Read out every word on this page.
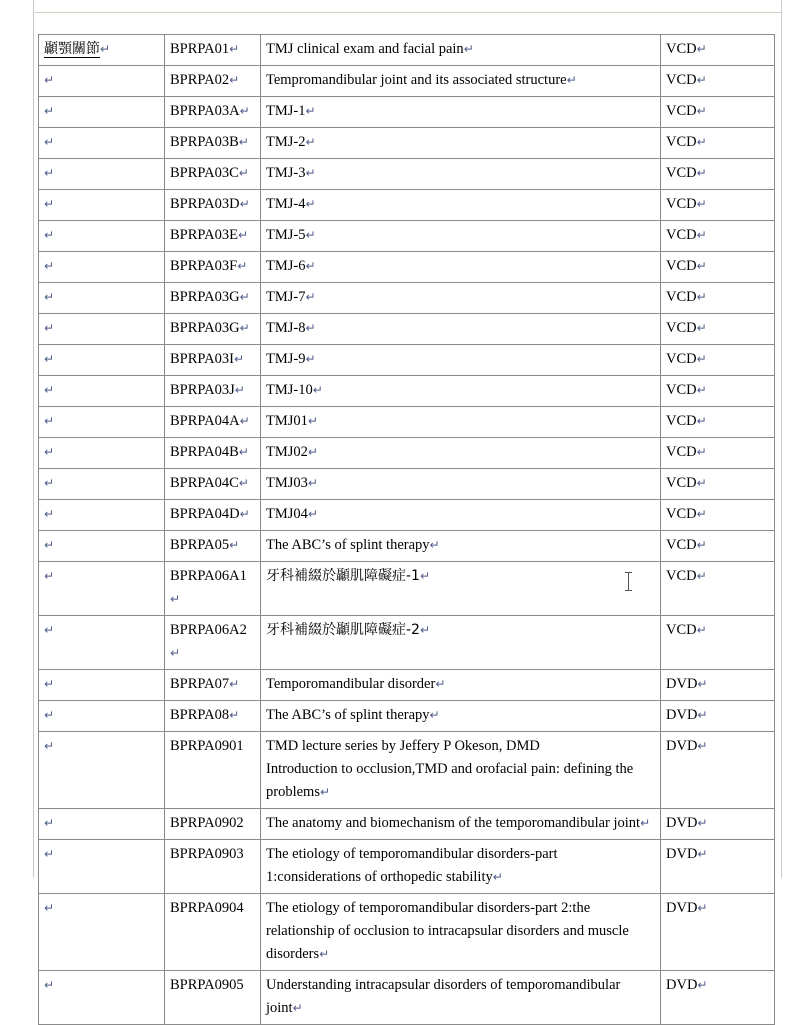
顳顎關節↵	BPRPA01↵	TMJ clinical exam and facial pain↵	VCD↵
↵	BPRPA02↵	Tempromandibular joint and its associated structure↵	VCD↵
↵	BPRPA03A↵	TMJ-1↵	VCD↵
↵	BPRPA03B↵	TMJ-2↵	VCD↵
↵	BPRPA03C↵	TMJ-3↵	VCD↵
↵	BPRPA03D↵	TMJ-4↵	VCD↵
↵	BPRPA03E↵	TMJ-5↵	VCD↵
↵	BPRPA03F↵	TMJ-6↵	VCD↵
↵	BPRPA03G↵	TMJ-7↵	VCD↵
↵	BPRPA03G↵	TMJ-8↵	VCD↵
↵	BPRPA03I↵	TMJ-9↵	VCD↵
↵	BPRPA03J↵	TMJ-10↵	VCD↵
↵	BPRPA04A↵	TMJ01↵	VCD↵
↵	BPRPA04B↵	TMJ02↵	VCD↵
↵	BPRPA04C↵	TMJ03↵	VCD↵
↵	BPRPA04D↵	TMJ04↵	VCD↵
↵	BPRPA05↵	The ABC’s of splint therapy↵	VCD↵
↵	BPRPA06A1↵	牙科補綴於顳肌障礙症-1↵	VCD↵
↵	BPRPA06A2↵	牙科補綴於顳肌障礙症-2↵	VCD↵
↵	BPRPA07↵	Temporomandibular disorder↵	DVD↵
↵	BPRPA08↵	The ABC’s of splint therapy↵	DVD↵
↵	BPRPA0901	TMD lecture series by Jeffery P Okeson, DMD
Introduction to occlusion,TMD and orofacial pain: defining the problems↵	DVD↵
↵	BPRPA0902	The anatomy and biomechanism of the temporomandibular joint↵	DVD↵
↵	BPRPA0903	The etiology of temporomandibular disorders-part 1:considerations of orthopedic stability↵	DVD↵
↵	BPRPA0904	The etiology of temporomandibular disorders-part 2:the relationship of occlusion to intracapsular disorders and muscle disorders↵	DVD↵
↵	BPRPA0905	Understanding intracapsular disorders of temporomandibular joint↵	DVD↵
